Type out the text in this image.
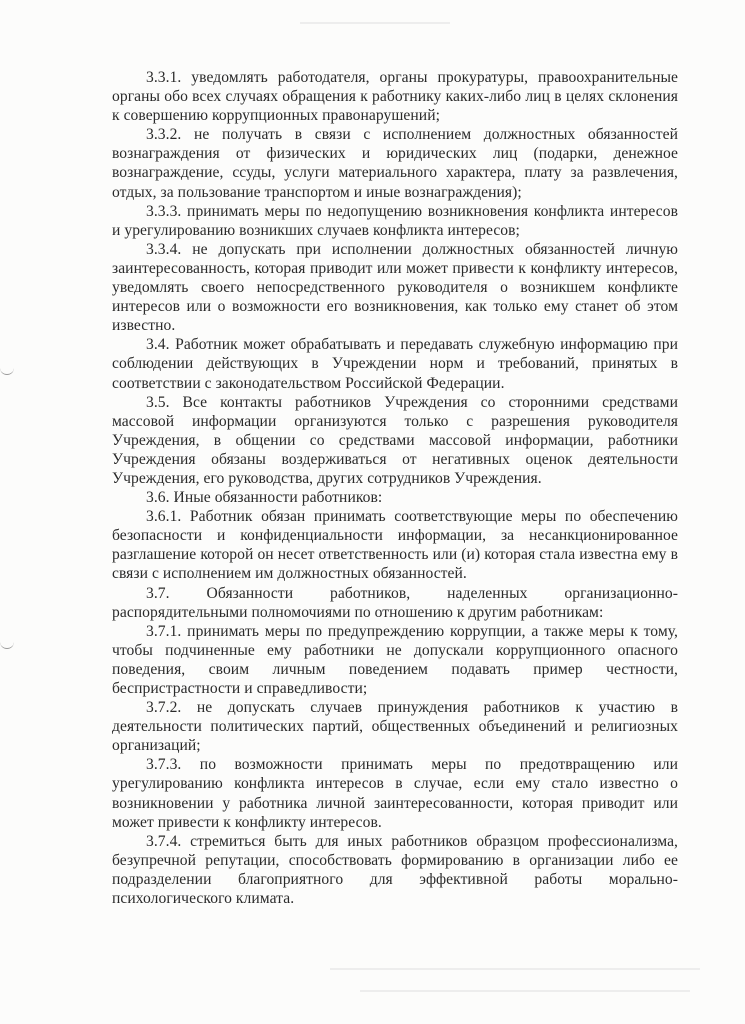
3.3.1. уведомлять работодателя, органы прокуратуры, правоохранительные органы обо всех случаях обращения к работнику каких-либо лиц в целях склонения к совершению коррупционных правонарушений;

3.3.2. не получать в связи с исполнением должностных обязанностей вознаграждения от физических и юридических лиц (подарки, денежное вознаграждение, ссуды, услуги материального характера, плату за развлечения, отдых, за пользование транспортом и иные вознаграждения);

3.3.3. принимать меры по недопущению возникновения конфликта интересов и урегулированию возникших случаев конфликта интересов;

3.3.4. не допускать при исполнении должностных обязанностей личную заинтересованность, которая приводит или может привести к конфликту интересов, уведомлять своего непосредственного руководителя о возникшем конфликте интересов или о возможности его возникновения, как только ему станет об этом известно.

3.4. Работник может обрабатывать и передавать служебную информацию при соблюдении действующих в Учреждении норм и требований, принятых в соответствии с законодательством Российской Федерации.

3.5. Все контакты работников Учреждения со сторонними средствами массовой информации организуются только с разрешения руководителя Учреждения, в общении со средствами массовой информации, работники Учреждения обязаны воздерживаться от негативных оценок деятельности Учреждения, его руководства, других сотрудников Учреждения.

3.6. Иные обязанности работников:

3.6.1. Работник обязан принимать соответствующие меры по обеспечению безопасности и конфиденциальности информации, за несанкционированное разглашение которой он несет ответственность или (и) которая стала известна ему в связи с исполнением им должностных обязанностей.

3.7. Обязанности работников, наделенных организационно-распорядительными полномочиями по отношению к другим работникам:

3.7.1. принимать меры по предупреждению коррупции, а также меры к тому, чтобы подчиненные ему работники не допускали коррупционного опасного поведения, своим личным поведением подавать пример честности, беспристрастности и справедливости;

3.7.2. не допускать случаев принуждения работников к участию в деятельности политических партий, общественных объединений и религиозных организаций;

3.7.3. по возможности принимать меры по предотвращению или урегулированию конфликта интересов в случае, если ему стало известно о возникновении у работника личной заинтересованности, которая приводит или может привести к конфликту интересов.

3.7.4. стремиться быть для иных работников образцом профессионализма, безупречной репутации, способствовать формированию в организации либо ее подразделении благоприятного для эффективной работы морально-психологического климата.
